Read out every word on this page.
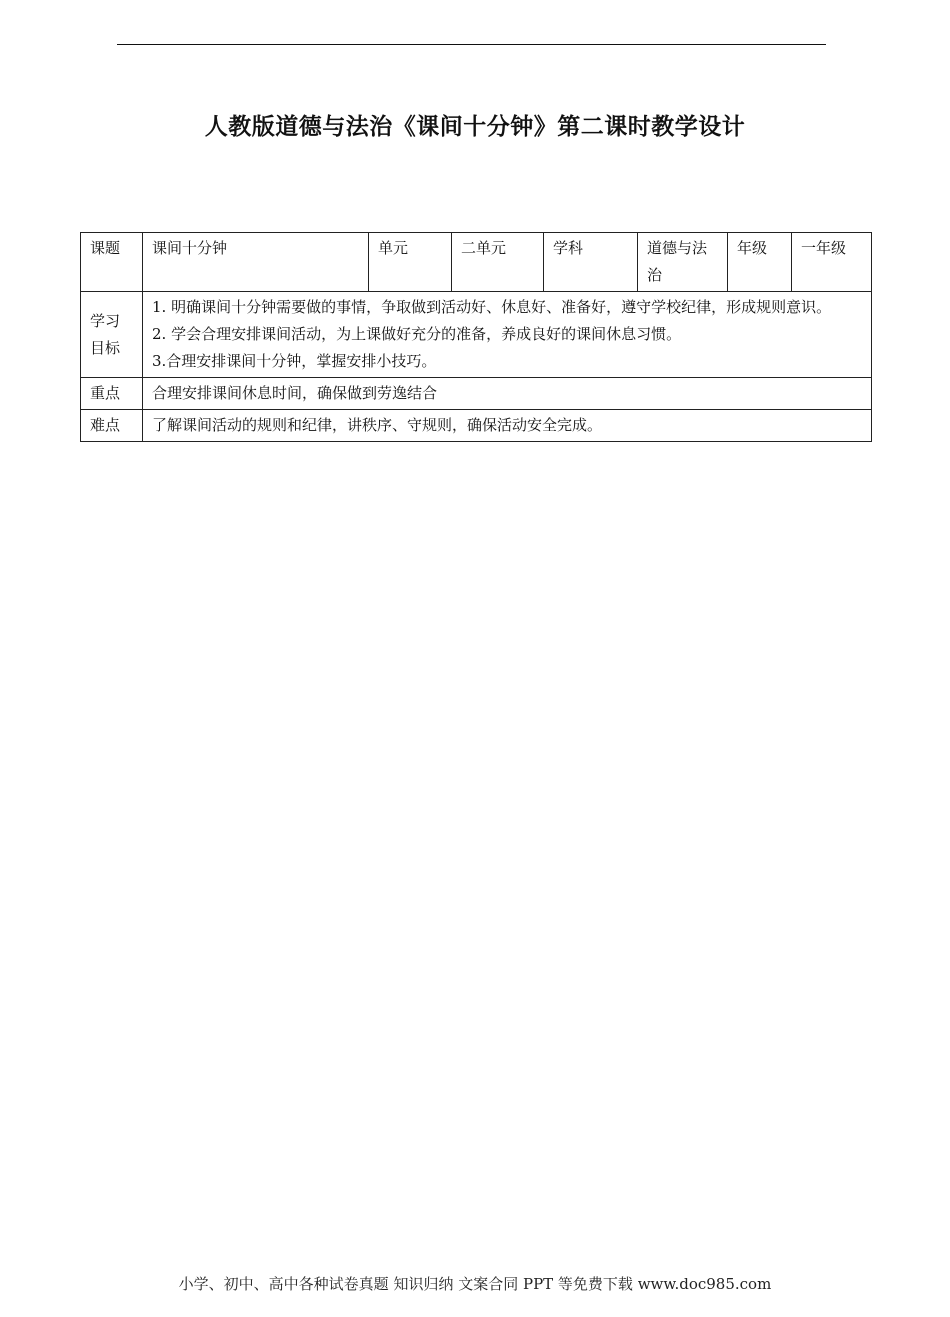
人教版道德与法治《课间十分钟》第二课时教学设计
课题	课间十分钟	单元	二单元	学科	道德与法治	年级	一年级
学习目标	1. 明确课间十分钟需要做的事情，争取做到活动好、休息好、准备好，遵守学校纪律，形成规则意识。
2. 学会合理安排课间活动，为上课做好充分的准备，养成良好的课间休息习惯。
3.合理安排课间十分钟，掌握安排小技巧。						

重点	合理安排课间休息时间，确保做到劳逸结合						
难点	了解课间活动的规则和纪律，讲秩序、守规则，确保活动安全完成。						
小学、初中、高中各种试卷真题 知识归纳 文案合同 PPT 等免费下载 www.doc985.com
